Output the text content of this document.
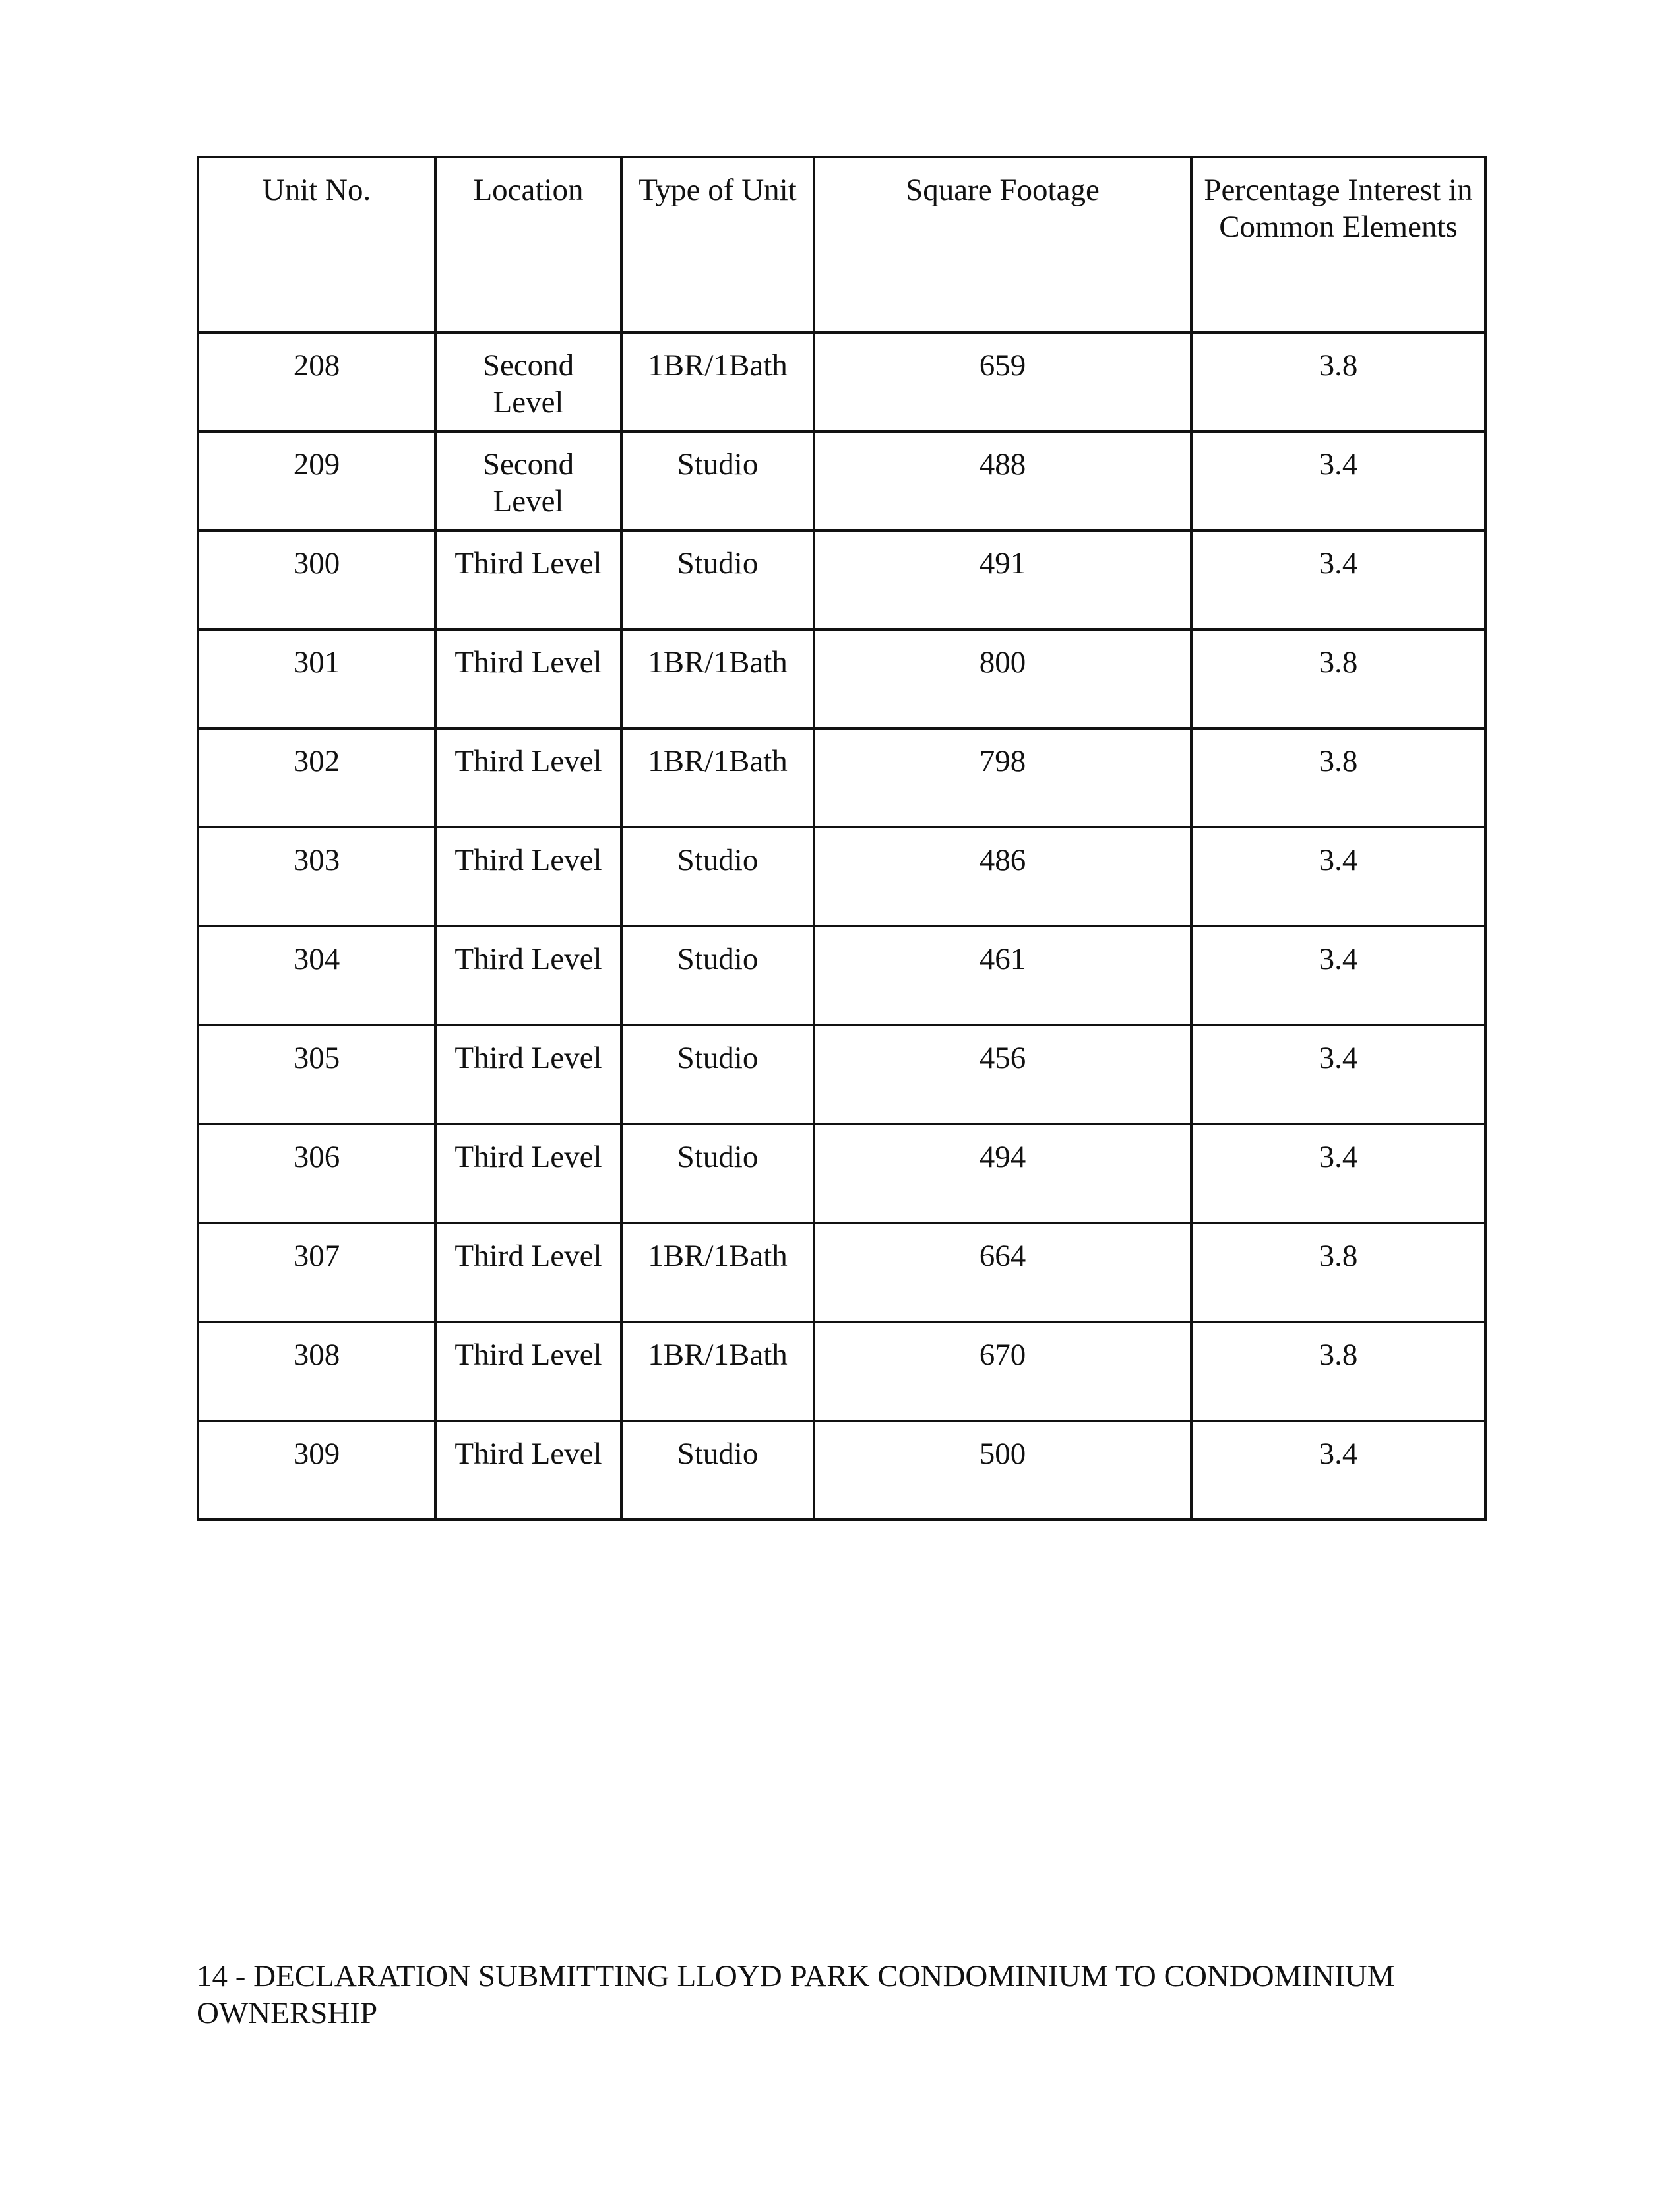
Unit No.	Location	Type of Unit	Square Footage	Percentage Interest in Common Elements
208	Second Level	1BR/1Bath	659	3.8
209	Second Level	Studio	488	3.4
300	Third Level	Studio	491	3.4
301	Third Level	1BR/1Bath	800	3.8
302	Third Level	1BR/1Bath	798	3.8
303	Third Level	Studio	486	3.4
304	Third Level	Studio	461	3.4
305	Third Level	Studio	456	3.4
306	Third Level	Studio	494	3.4
307	Third Level	1BR/1Bath	664	3.8
308	Third Level	1BR/1Bath	670	3.8
309	Third Level	Studio	500	3.4
14 - DECLARATION SUBMITTING LLOYD PARK CONDOMINIUM TO CONDOMINIUM OWNERSHIP
